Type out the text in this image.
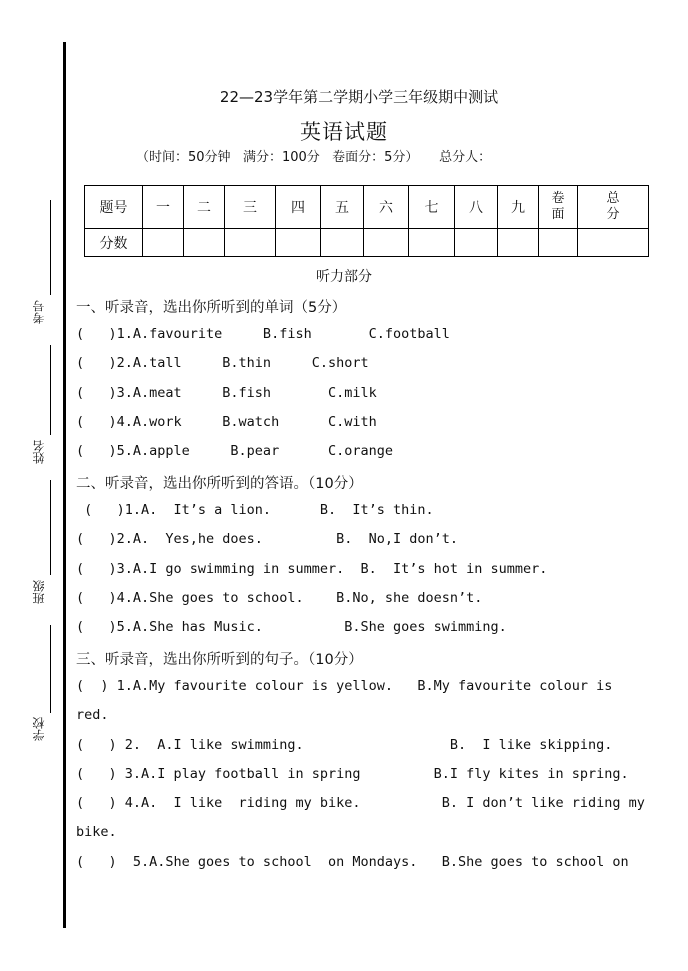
考号
姓名
班级
学校
22—23学年第二学期小学三年级期中测试
英语试题
（时间：50分钟   满分：100分   卷面分：5分）     总分人：
题号	一	二	三	四	五	六	七	八	九	卷面	总分

分数											
听力部分
一、听录音，选出你所听到的单词（5分）
(   )1.A.favourite     B.fish       C.football
(   )2.A.tall     B.thin     C.short
(   )3.A.meat     B.fish       C.milk
(   )4.A.work     B.watch      C.with
(   )5.A.apple     B.pear      C.orange
二、听录音，选出你所听到的答语。（10分）
(   )1.A.  It’s a lion.      B.  It’s thin.
(   )2.A.  Yes,he does.         B.  No,I don’t.
(   )3.A.I go swimming in summer.  B.  It’s hot in summer.
(   )4.A.She goes to school.    B.No, she doesn’t.
(   )5.A.She has Music.          B.She goes swimming.
三、听录音，选出你所听到的句子。（10分）
(  ) 1.A.My favourite colour is yellow.   B.My favourite colour is
red.
(   ) 2.  A.I like swimming.                  B.  I like skipping.
(   ) 3.A.I play football in spring         B.I fly kites in spring.
(   ) 4.A.  I like  riding my bike.          B. I don’t like riding my
bike.
(   )  5.A.She goes to school  on Mondays.   B.She goes to school on
